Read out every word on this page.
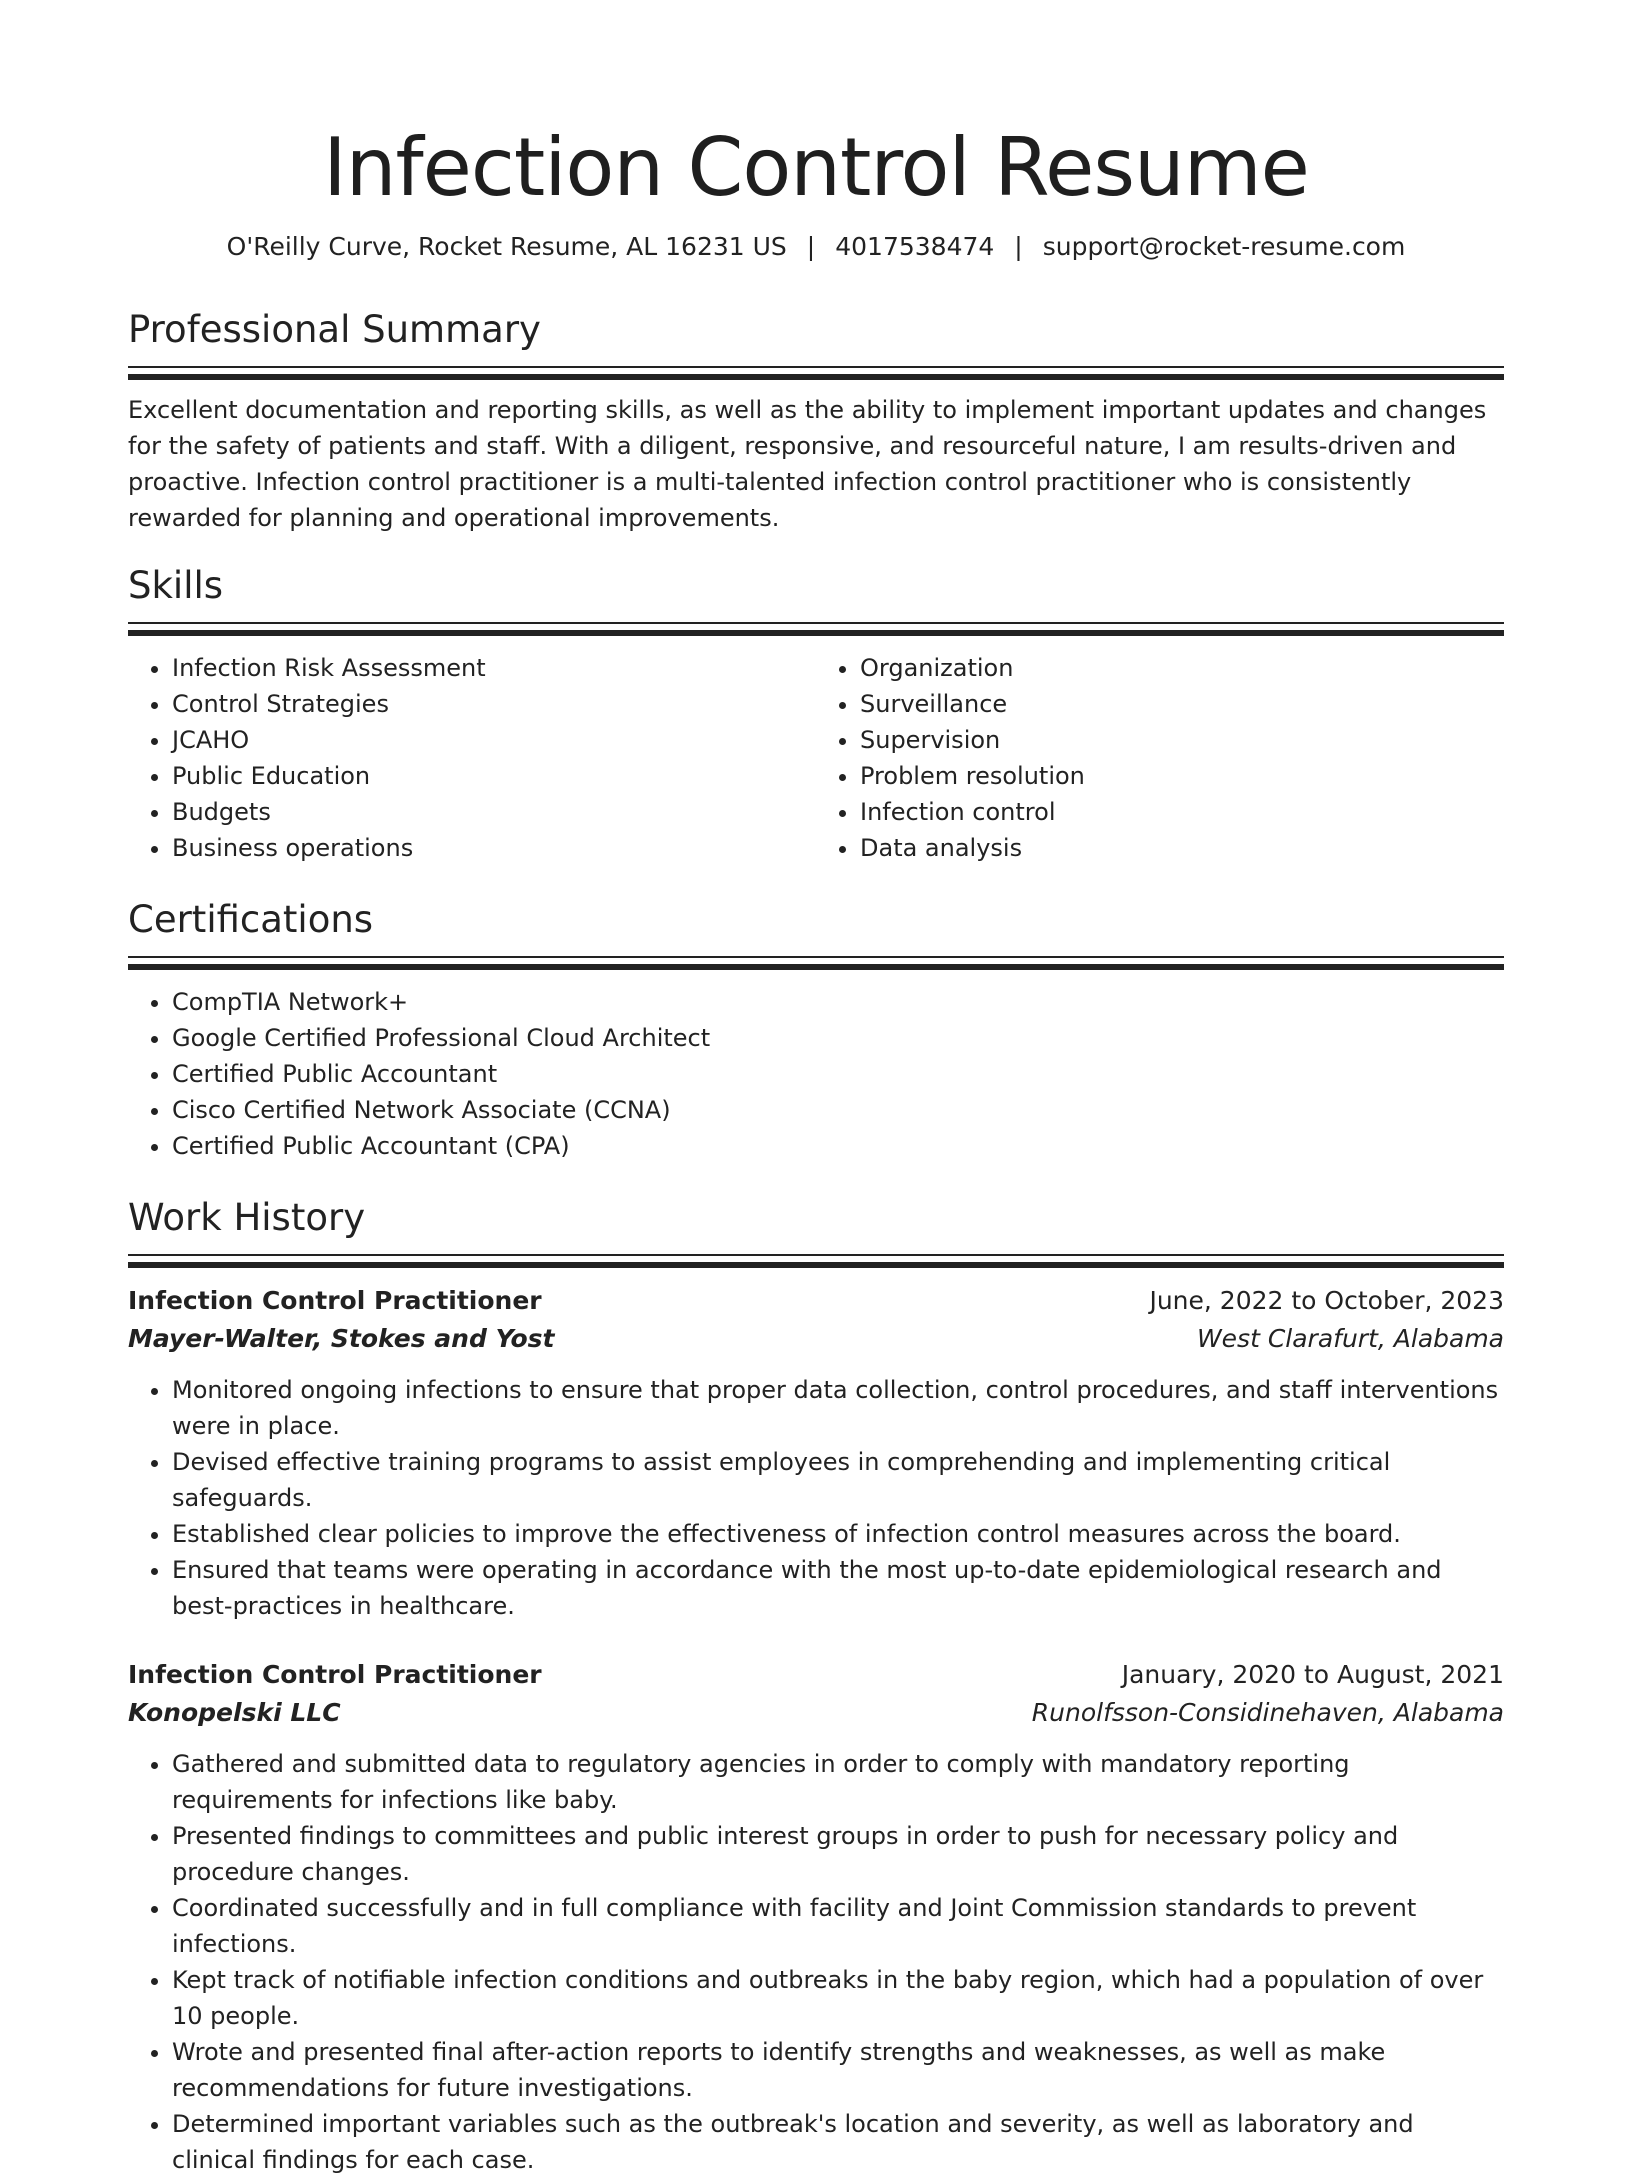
Infection Control Resume
O'Reilly Curve, Rocket Resume, AL 16231 US | 4017538474 | support@rocket-resume.com
Professional Summary

Excellent documentation and reporting skills, as well as the ability to implement important updates and changes for the safety of patients and staff. With a diligent, responsive, and resourceful nature, I am results-driven and proactive. Infection control practitioner is a multi-talented infection control practitioner who is consistently rewarded for planning and operational improvements.

Skills
• Infection Risk Assessment
• Control Strategies
• JCAHO
• Public Education
• Budgets
• Business operations
• Organization
• Surveillance
• Supervision
• Problem resolution
• Infection control
• Data analysis
Certifications
• CompTIA Network+
• Google Certified Professional Cloud Architect
• Certified Public Accountant
• Cisco Certified Network Associate (CCNA)
• Certified Public Accountant (CPA)
Work History
Infection Control Practitioner	June, 2022 to October, 2023
Mayer-Walter, Stokes and Yost	West Clarafurt, Alabama
• Monitored ongoing infections to ensure that proper data collection, control procedures, and staff interventions were in place.
• Devised effective training programs to assist employees in comprehending and implementing critical safeguards.
• Established clear policies to improve the effectiveness of infection control measures across the board.
• Ensured that teams were operating in accordance with the most up-to-date epidemiological research and best-practices in healthcare.
Infection Control Practitioner	January, 2020 to August, 2021
Konopelski LLC	Runolfsson-Considinehaven, Alabama
• Gathered and submitted data to regulatory agencies in order to comply with mandatory reporting requirements for infections like baby.
• Presented findings to committees and public interest groups in order to push for necessary policy and procedure changes.
• Coordinated successfully and in full compliance with facility and Joint Commission standards to prevent infections.
• Kept track of notifiable infection conditions and outbreaks in the baby region, which had a population of over 10 people.
• Wrote and presented final after-action reports to identify strengths and weaknesses, as well as make recommendations for future investigations.
• Determined important variables such as the outbreak's location and severity, as well as laboratory and clinical findings for each case.
